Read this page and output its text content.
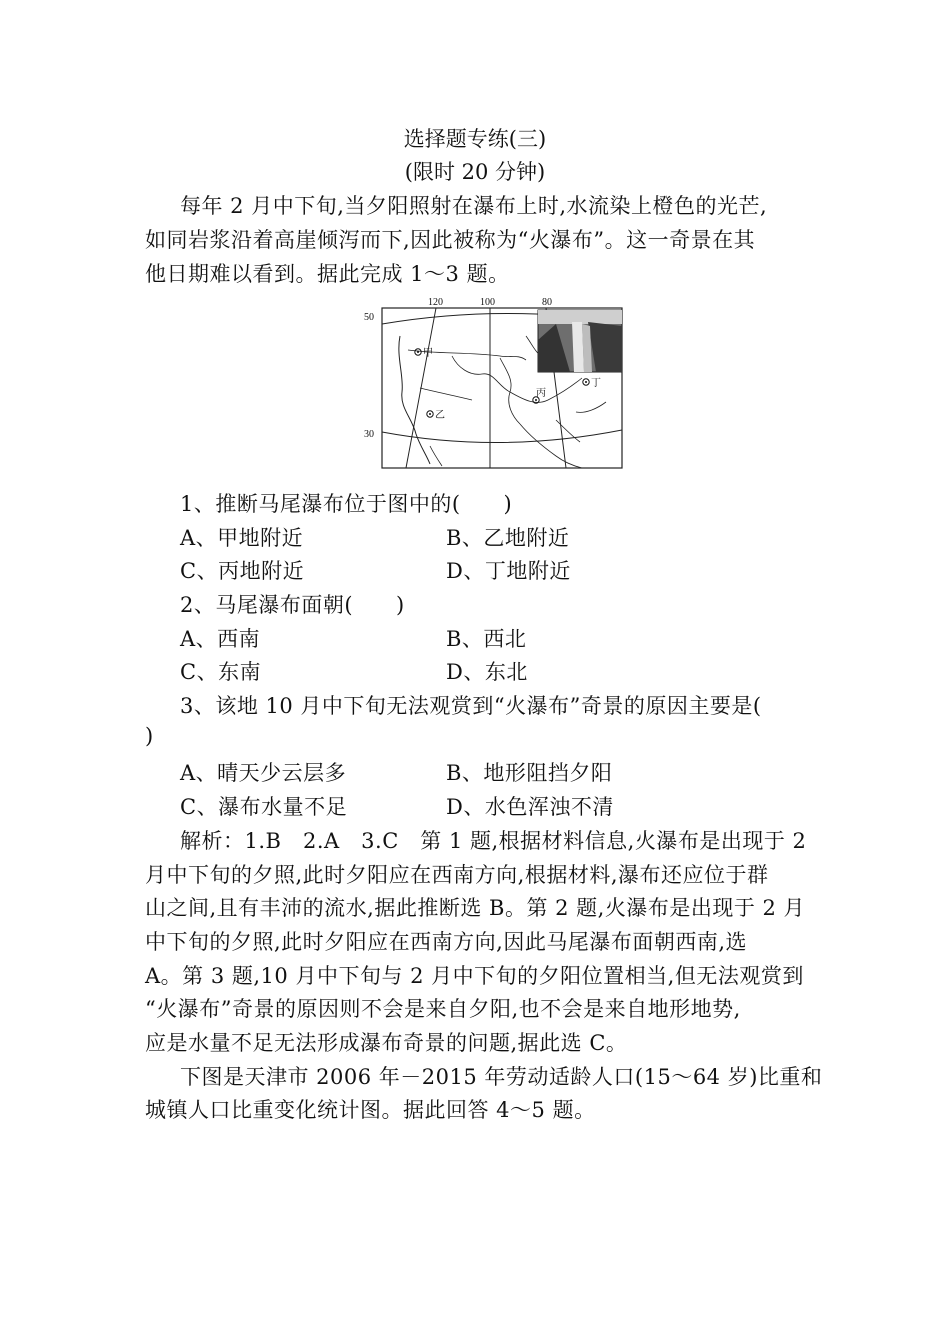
选择题专练(三)
(限时 20 分钟)
每年 2 月中下旬,当夕阳照射在瀑布上时,水流染上橙色的光芒,
如同岩浆沿着高崖倾泻而下,因此被称为“火瀑布”。这一奇景在其
他日期难以看到。据此完成 1～3 题。
甲
乙
丙
丁
120	100	80
50
30
1、推断马尾瀑布位于图中的(　　)
A、甲地附近	B、乙地附近
C、丙地附近	D、丁地附近
2、马尾瀑布面朝(　　)
A、西南	B、西北
C、东南	D、东北
3、该地 10 月中下旬无法观赏到“火瀑布”奇景的原因主要是(
)
A、晴天少云层多	B、地形阻挡夕阳
C、瀑布水量不足	D、水色浑浊不清
解析：1.B　2.A　3.C　第 1 题,根据材料信息,火瀑布是出现于 2
月中下旬的夕照,此时夕阳应在西南方向,根据材料,瀑布还应位于群
山之间,且有丰沛的流水,据此推断选 B。第 2 题,火瀑布是出现于 2 月
中下旬的夕照,此时夕阳应在西南方向,因此马尾瀑布面朝西南,选
A。第 3 题,10 月中下旬与 2 月中下旬的夕阳位置相当,但无法观赏到
“火瀑布”奇景的原因则不会是来自夕阳,也不会是来自地形地势,
应是水量不足无法形成瀑布奇景的问题,据此选 C。
下图是天津市 2006 年－2015 年劳动适龄人口(15～64 岁)比重和
城镇人口比重变化统计图。据此回答 4～5 题。
